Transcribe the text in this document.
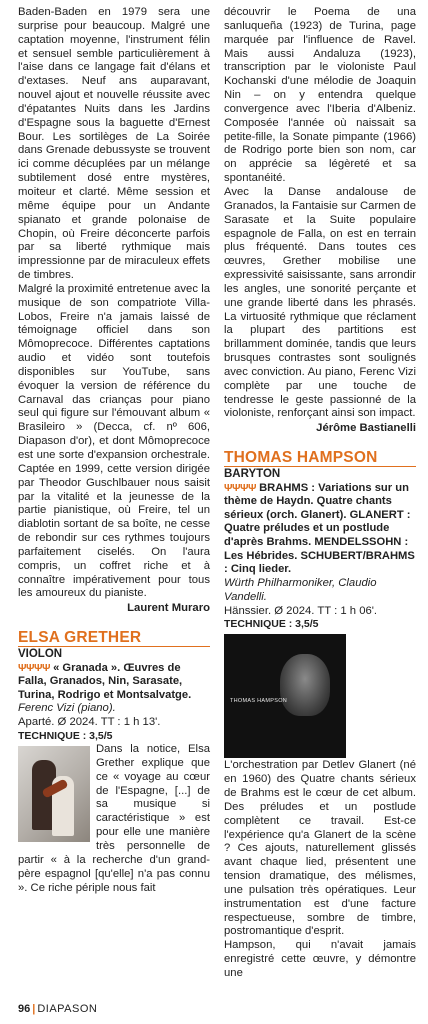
Baden-Baden en 1979 sera une surprise pour beaucoup. Malgré une captation moyenne, l'instrument félin et sensuel semble particulièrement à l'aise dans ce langage fait d'élans et d'extases. Neuf ans auparavant, nouvel ajout et nouvelle réussite avec d'épatantes Nuits dans les Jardins d'Espagne sous la baguette d'Ernest Bour. Les sortilèges de La Soirée dans Grenade debussyste se trouvent ici comme décuplées par un mélange subtilement dosé entre mystères, moiteur et clarté. Même session et même équipe pour un Andante spianato et grande polonaise de Chopin, où Freire déconcerte parfois par sa liberté rythmique mais impressionne par de miraculeux effets de timbres.

Malgré la proximité entretenue avec la musique de son compatriote Villa-Lobos, Freire n'a jamais laissé de témoignage officiel dans son Mômoprecoce. Différentes captations audio et vidéo sont toutefois disponibles sur YouTube, sans évoquer la version de référence du Carnaval das crianças pour piano seul qui figure sur l'émouvant album « Brasileiro » (Decca, cf. nº 606, Diapason d'or), et dont Mômoprecoce est une sorte d'expansion orchestrale. Captée en 1999, cette version dirigée par Theodor Guschlbauer nous saisit par la vitalité et la jeunesse de la partie pianistique, où Freire, tel un diablotin sortant de sa boîte, ne cesse de rebondir sur ces rythmes toujours parfaitement ciselés. On l'aura compris, un coffret riche et à connaître impérativement pour tous les amoureux du pianiste.

Laurent Muraro

ELSA GRETHER
VIOLON
ΨΨΨΨ « Granada ». Œuvres de Falla, Granados, Nin, Sarasate, Turina, Rodrigo et Montsalvatge.
Ferenc Vizi (piano).
Aparté. Ø 2024. TT : 1 h 13'.
TECHNIQUE : 3,5/5

Dans la notice, Elsa Grether explique que ce « voyage au cœur de l'Espagne, [...] de sa musique si caractéristique » est pour elle une manière très personnelle de partir « à la recherche d'un grand-père espagnol [qu'elle] n'a pas connu ». Ce riche périple nous fait

découvrir le Poema de una sanluqueña (1923) de Turina, page marquée par l'influence de Ravel. Mais aussi Andaluza (1923), transcription par le violoniste Paul Kochanski d'une mélodie de Joaquin Nin – on y entendra quelque convergence avec l'Iberia d'Albeniz. Composée l'année où naissait sa petite-fille, la Sonate pimpante (1966) de Rodrigo porte bien son nom, car on apprécie sa légèreté et sa spontanéité.

Avec la Danse andalouse de Granados, la Fantaisie sur Carmen de Sarasate et la Suite populaire espagnole de Falla, on est en terrain plus fréquenté. Dans toutes ces œuvres, Grether mobilise une expressivité saisissante, sans arrondir les angles, une sonorité perçante et une grande liberté dans les phrasés. La virtuosité rythmique que réclament la plupart des partitions est brillamment dominée, tandis que leurs brusques contrastes sont soulignés avec conviction. Au piano, Ferenc Vizi complète par une touche de tendresse le geste passionné de la violoniste, renforçant ainsi son impact.

Jérôme Bastianelli

THOMAS HAMPSON
BARYTON
ΨΨΨΨ BRAHMS : Variations sur un thème de Haydn. Quatre chants sérieux (orch. Glanert). GLANERT : Quatre préludes et un postlude d'après Brahms. MENDELSSOHN : Les Hébrides. SCHUBERT/BRAHMS : Cinq lieder.
Würth Philharmoniker, Claudio Vandelli.
Hänssier. Ø 2024. TT : 1 h 06'.
TECHNIQUE : 3,5/5
THOMAS HAMPSON

L'orchestration par Detlev Glanert (né en 1960) des Quatre chants sérieux de Brahms est le cœur de cet album. Des préludes et un postlude complètent ce travail. Est-ce l'expérience qu'a Glanert de la scène ? Ces ajouts, naturellement glissés avant chaque lied, présentent une tension dramatique, des mélismes, une pulsation très opératiques. Leur instrumentation est d'une facture respectueuse, sombre de timbre, postromantique d'esprit.

Hampson, qui n'avait jamais enregistré cette œuvre, y démontre une

96 | DIAPASON
